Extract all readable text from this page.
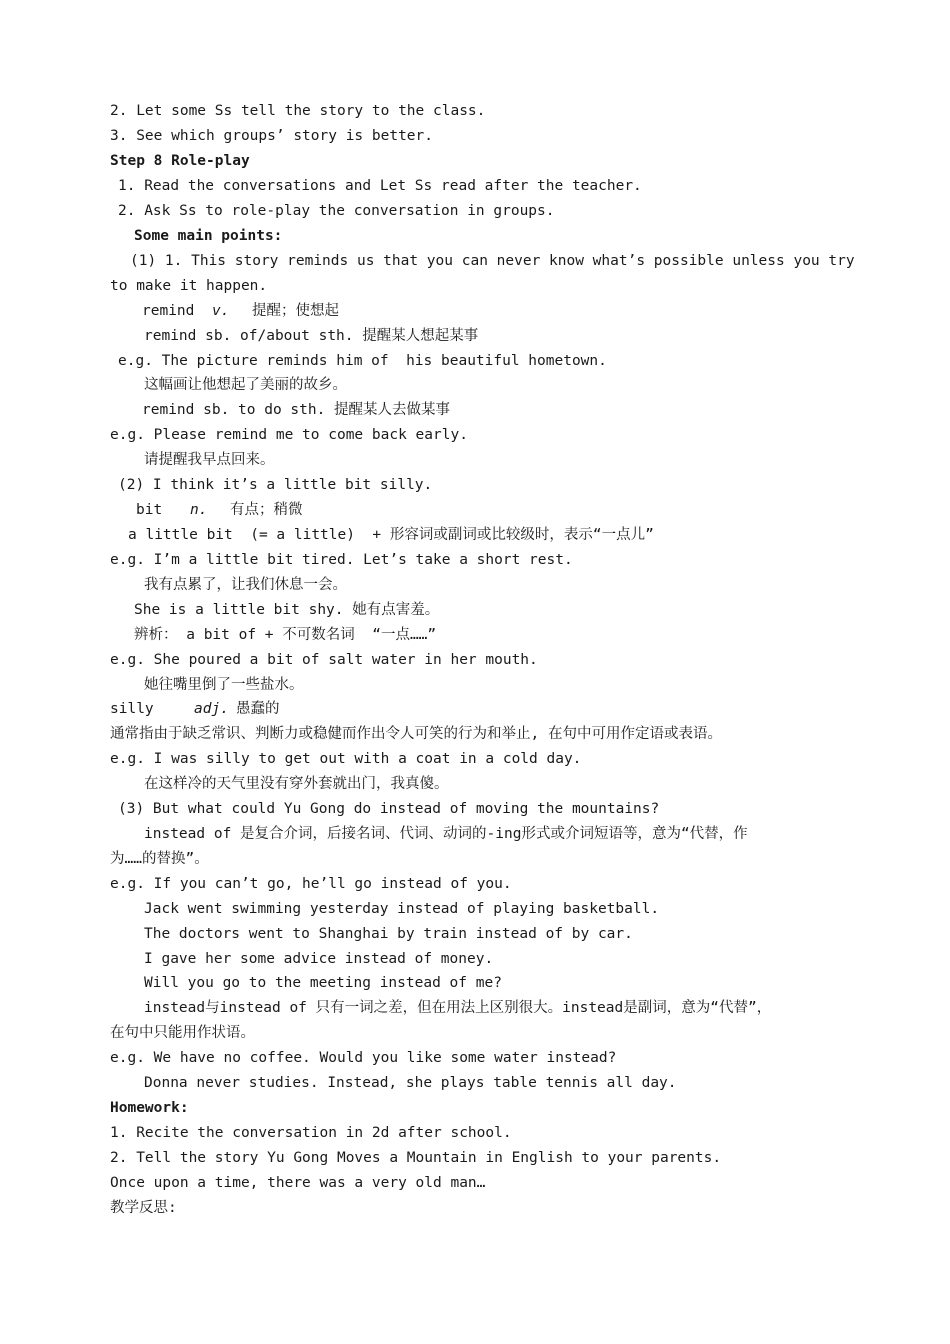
2. Let some Ss tell the story to the class.
3. See which groups’ story is better.
Step 8 Role-play
1. Read the conversations and Let Ss read after the teacher.
2. Ask Ss to role-play the conversation in groups.
Some main points:
(1) 1. This story reminds us that you can never know what’s possible unless you try
to make it happen.
remind v. 提醒；使想起
remind sb. of/about sth. 提醒某人想起某事
e.g. The picture reminds him of  his beautiful hometown.
这幅画让他想起了美丽的故乡。
remind sb. to do sth. 提醒某人去做某事
e.g. Please remind me to come back early.
请提醒我早点回来。
(2) I think it’s a little bit silly.
bit n. 有点；稍微
a little bit  (= a little)  + 形容词或副词或比较级时，表示“一点儿”
e.g. I’m a little bit tired. Let’s take a short rest.
我有点累了，让我们休息一会。
She is a little bit shy. 她有点害羞。
辨析： a bit of + 不可数名词  “一点……”
e.g. She poured a bit of salt water in her mouth.
她往嘴里倒了一些盐水。
silly	adj. 愚蠢的
通常指由于缺乏常识、判断力或稳健而作出令人可笑的行为和举止, 在句中可用作定语或表语。
e.g. I was silly to get out with a coat in a cold day.
在这样冷的天气里没有穿外套就出门，我真傻。
(3) But what could Yu Gong do instead of moving the mountains?
instead of 是复合介词，后接名词、代词、动词的-ing形式或介词短语等，意为“代替，作
为……的替换”。
e.g. If you can’t go, he’ll go instead of you.
Jack went swimming yesterday instead of playing basketball.
The doctors went to Shanghai by train instead of by car.
I gave her some advice instead of money.
Will you go to the meeting instead of me?
instead与instead of 只有一词之差，但在用法上区别很大。instead是副词，意为“代替”，
在句中只能用作状语。
e.g. We have no coffee. Would you like some water instead?
Donna never studies. Instead, she plays table tennis all day.
Homework:
1. Recite the conversation in 2d after school.
2. Tell the story Yu Gong Moves a Mountain in English to your parents.
Once upon a time, there was a very old man…
教学反思:
